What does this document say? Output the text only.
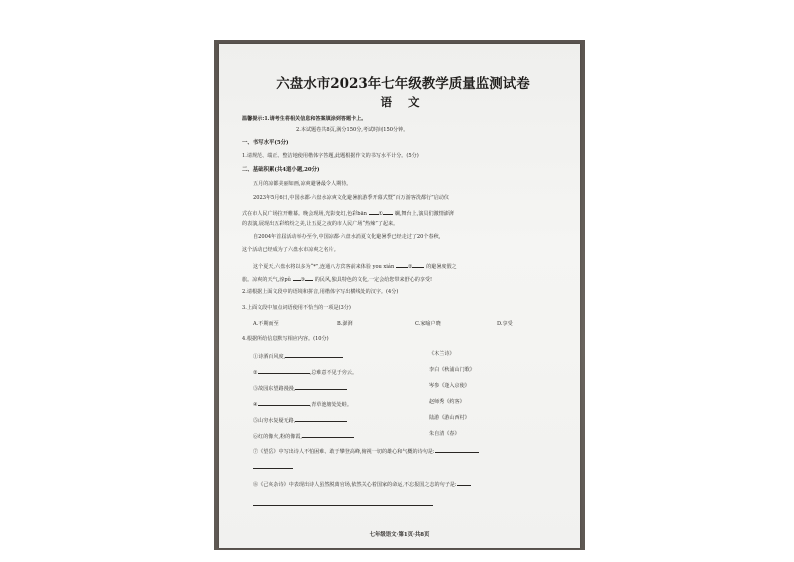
六盘水市2023年七年级教学质量监测试卷
语 文
温馨提示:1.请考生将相关信息和答案填涂到答题卡上。
2.本试题卷共8页,满分150分,考试时间150分钟。
一、书写水平(5分)
1.请规范、端正、整洁地使用楷体字答题,此题根据作文的书写水平计分。(5分)
二、基础积累(共4道小题,20分)
五月的凉都美丽如画,凉爽避暑最令人期待。
2023年5月6日,中国水都·六盘水凉爽文化避暑旅游季开幕式暨“百万游客洗都行”启动仪
式在市人民广场拉开帷幕。晚会现场,光影变幻,色彩bān ① 斓,舞台上,演员们激情澎湃
的表演,展现出五彩缤纷之美,让五夏之夜的市人民广场“热辣”了起来。
自2004年首届活动举办至今,中国凉都·六盘水消夏文化避暑季已经走过了20个春秋,
这个活动已经成为了六盘水市凉爽之名片。
这个夏天,六盘水将以多为“*”,连通八方宾客前来体验 you xián	②	的避暑度假之
旅。凉爽的天气,淳pǔ ③ 的民风,独具特色的文化,一定会给您带来舒心的享受!
2.请根据上面文段中的语境和拼音,用楷体字写出横线处的汉字。(4分)
3.上面文段中加点词语使用不恰当的一项是(3分)
A.不期而至	B.澎湃	C.家喻户晓	D.享受
4.根据所给信息默写相应内容。(10分)
①诗酒百风度,	《木兰诗》
②	,总难意不见于旁云。	李白《秋浦山门歌》
③故园东望路漫漫,	岑参《逢入京使》
④	,青草池塘处处蛙。	赵师秀《约客》
⑤山穷水复疑无路,	陆游《游山西村》
⑥红的像火,粉的像霞,	朱自清《春》
⑦《望岳》中写出诗人不怕困难、敢于攀登高峰,俯视一切的雄心和气概的诗句是:
⑧《己亥杂诗》中表现出诗人虽然脱离官场,依然关心着国家的命运,不忘报国之志的句子是:
七年级语文·第1页·共8页
